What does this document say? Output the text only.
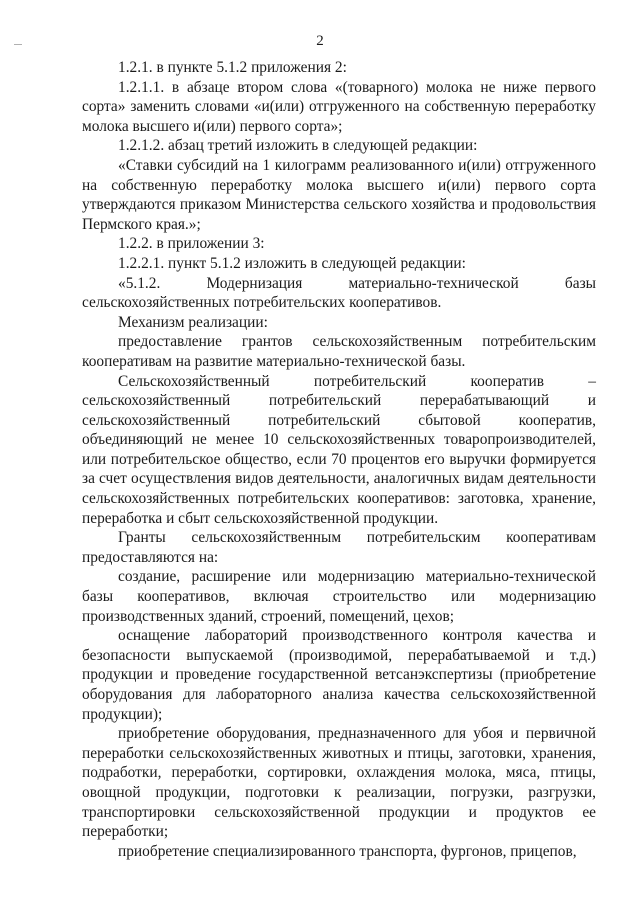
2

1.2.1. в пункте 5.1.2 приложения 2:

1.2.1.1. в абзаце втором слова «(товарного) молока не ниже первого сорта» заменить словами «и(или) отгруженного на собственную переработку молока высшего и(или) первого сорта»;

1.2.1.2. абзац третий изложить в следующей редакции:

«Ставки субсидий на 1 килограмм реализованного и(или) отгруженного на собственную переработку молока высшего и(или) первого сорта утверждаются приказом Министерства сельского хозяйства и продовольствия Пермского края.»;

1.2.2. в приложении 3:

1.2.2.1. пункт 5.1.2 изложить в следующей редакции:

«5.1.2. Модернизация материально-технической базы сельскохозяйственных потребительских кооперативов.

Механизм реализации:

предоставление грантов сельскохозяйственным потребительским кооперативам на развитие материально-технической базы.

Сельскохозяйственный потребительский кооператив – сельскохозяйственный потребительский перерабатывающий и сельскохозяйственный потребительский сбытовой кооператив, объединяющий не менее 10 сельскохозяйственных товаропроизводителей, или потребительское общество, если 70 процентов его выручки формируется за счет осуществления видов деятельности, аналогичных видам деятельности сельскохозяйственных потребительских кооперативов: заготовка, хранение, переработка и сбыт сельскохозяйственной продукции.

Гранты сельскохозяйственным потребительским кооперативам предоставляются на:

создание, расширение или модернизацию материально-технической базы кооперативов, включая строительство или модернизацию производственных зданий, строений, помещений, цехов;

оснащение лабораторий производственного контроля качества и безопасности выпускаемой (производимой, перерабатываемой и т.д.) продукции и проведение государственной ветсанэкспертизы (приобретение оборудования для лабораторного анализа качества сельскохозяйственной продукции);

приобретение оборудования, предназначенного для убоя и первичной переработки сельскохозяйственных животных и птицы, заготовки, хранения, подработки, переработки, сортировки, охлаждения молока, мяса, птицы, овощной продукции, подготовки к реализации, погрузки, разгрузки, транспортировки сельскохозяйственной продукции и продуктов ее переработки;

приобретение специализированного транспорта, фургонов, прицепов,
